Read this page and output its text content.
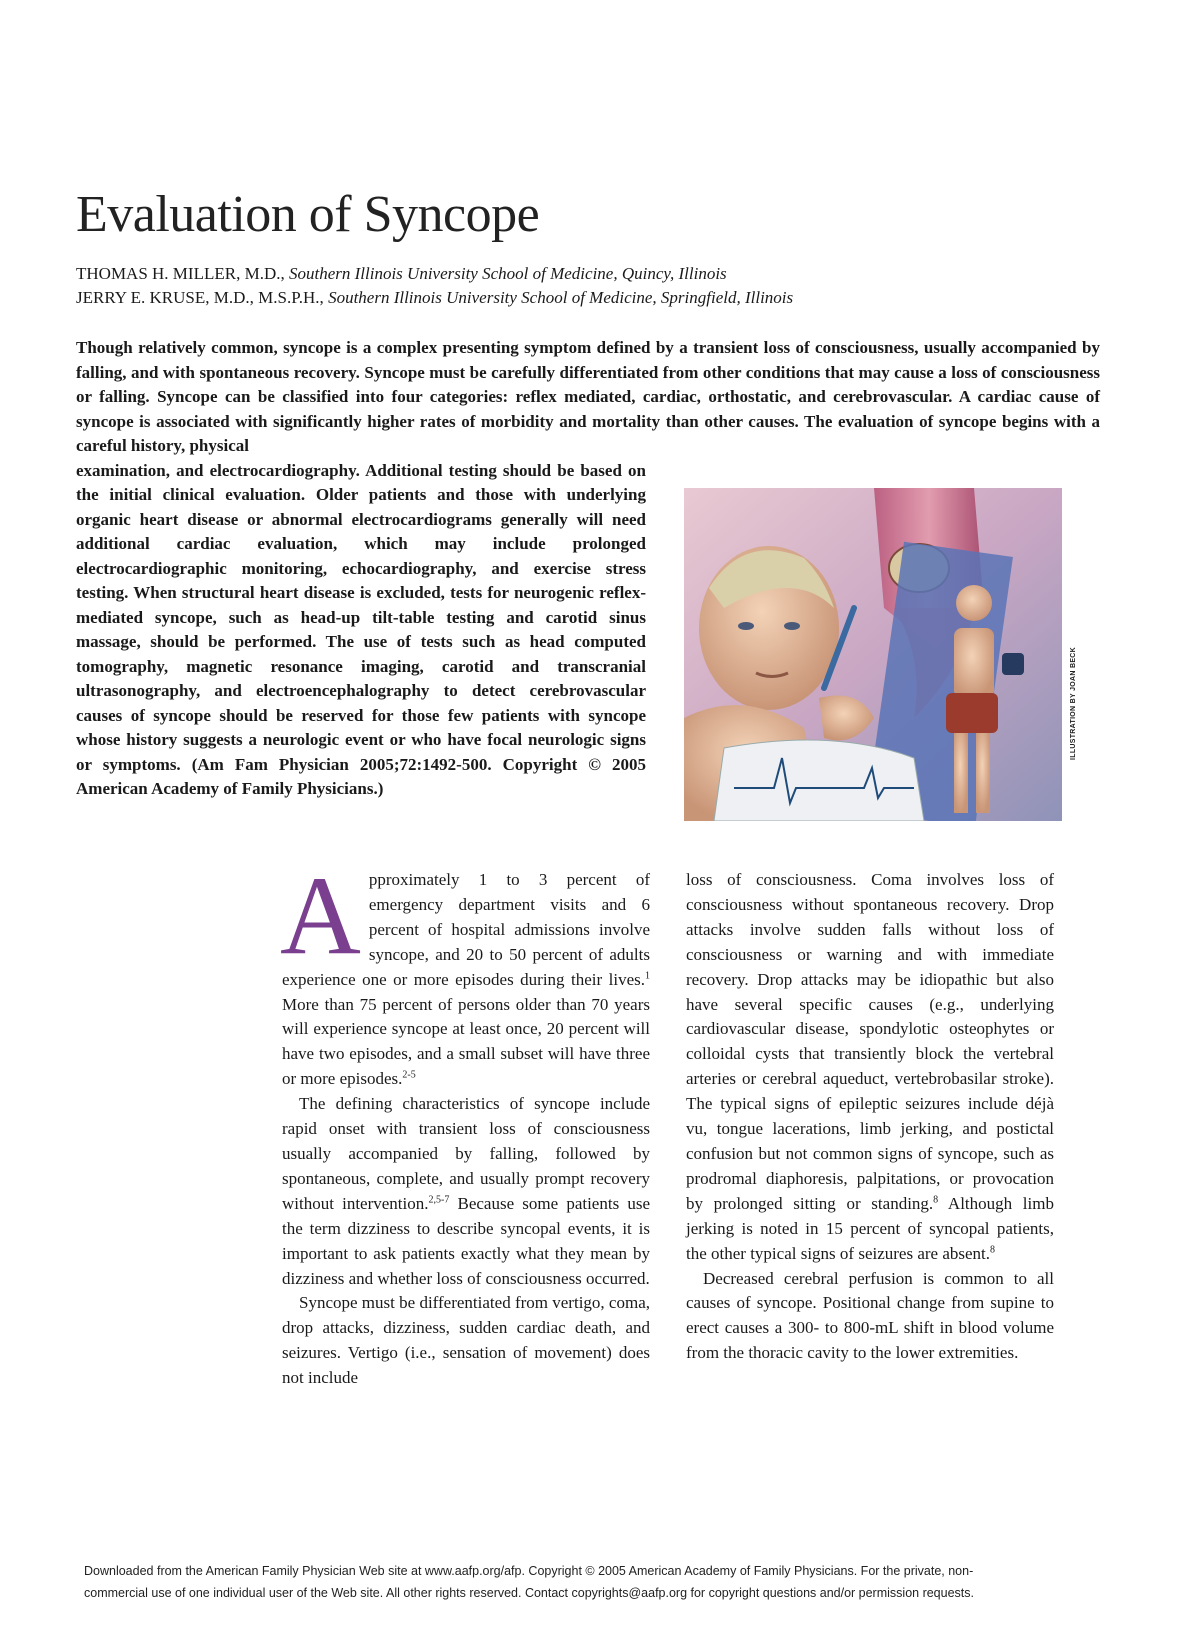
Evaluation of Syncope
THOMAS H. MILLER, M.D., Southern Illinois University School of Medicine, Quincy, Illinois
JERRY E. KRUSE, M.D., M.S.P.H., Southern Illinois University School of Medicine, Springfield, Illinois

Though relatively common, syncope is a complex presenting symptom defined by a transient loss of consciousness, usually accompanied by falling, and with spontaneous recovery. Syncope must be carefully differentiated from other conditions that may cause a loss of consciousness or falling. Syncope can be classified into four categories: reflex mediated, cardiac, orthostatic, and cerebrovascular. A cardiac cause of syncope is associated with significantly higher rates of morbidity and mortality than other causes. The evaluation of syncope begins with a careful history, physical

examination, and electrocardiography. Additional testing should be based on the initial clinical evaluation. Older patients and those with underlying organic heart disease or abnormal electrocardiograms generally will need additional cardiac evaluation, which may include prolonged electrocardiographic monitoring, echocardiography, and exercise stress testing. When structural heart disease is excluded, tests for neurogenic reflex-mediated syncope, such as head-up tilt-table testing and carotid sinus massage, should be performed. The use of tests such as head computed tomography, magnetic resonance imaging, carotid and transcranial ultrasonography, and electroencephalography to detect cerebrovascular causes of syncope should be reserved for those few patients with syncope whose history suggests a neurologic event or who have focal neurologic signs or symptoms. (Am Fam Physician 2005;72:1492-500. Copyright © 2005 American Academy of Family Physicians.)

ILLUSTRATION BY JOAN BECK

Approximately 1 to 3 percent of emergency department visits and 6 percent of hospital admissions involve syncope, and 20 to 50 percent of adults experience one or more episodes during their lives.$^1$ More than 75 percent of persons older than 70 years will experience syncope at least once, 20 percent will have two episodes, and a small subset will have three or more episodes.$^{2-5}$

The defining characteristics of syncope include rapid onset with transient loss of consciousness usually accompanied by falling, followed by spontaneous, complete, and usually prompt recovery without intervention.$^{2,5-7}$ Because some patients use the term dizziness to describe syncopal events, it is important to ask patients exactly what they mean by dizziness and whether loss of consciousness occurred.

Syncope must be differentiated from vertigo, coma, drop attacks, dizziness, sudden cardiac death, and seizures. Vertigo (i.e., sensation of movement) does not include

loss of consciousness. Coma involves loss of consciousness without spontaneous recovery. Drop attacks involve sudden falls without loss of consciousness or warning and with immediate recovery. Drop attacks may be idiopathic but also have several specific causes (e.g., underlying cardiovascular disease, spondylotic osteophytes or colloidal cysts that transiently block the vertebral arteries or cerebral aqueduct, vertebrobasilar stroke). The typical signs of epileptic seizures include déjà vu, tongue lacerations, limb jerking, and postictal confusion but not common signs of syncope, such as prodromal diaphoresis, palpitations, or provocation by prolonged sitting or standing.$^8$ Although limb jerking is noted in 15 percent of syncopal patients, the other typical signs of seizures are absent.$^8$

Decreased cerebral perfusion is common to all causes of syncope. Positional change from supine to erect causes a 300- to 800-mL shift in blood volume from the thoracic cavity to the lower extremities.

Downloaded from the American Family Physician Web site at www.aafp.org/afp. Copyright © 2005 American Academy of Family Physicians. For the private, non-
commercial use of one individual user of the Web site. All other rights reserved. Contact copyrights@aafp.org for copyright questions and/or permission requests.
